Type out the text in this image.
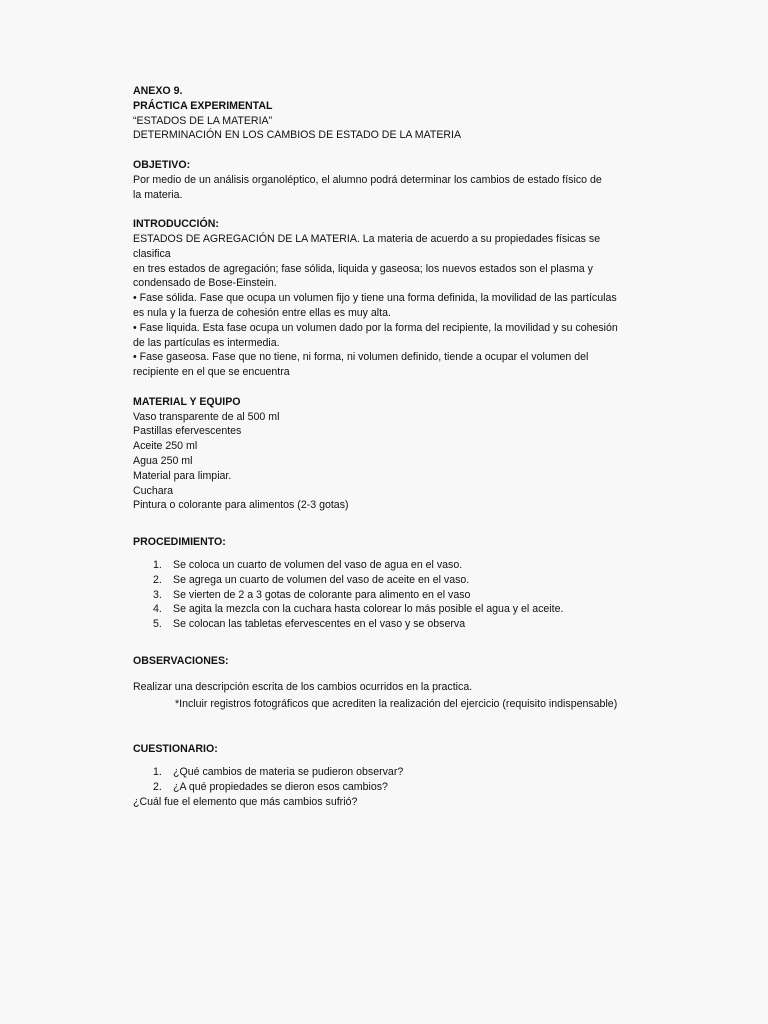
ANEXO 9.

PRÁCTICA EXPERIMENTAL

“ESTADOS DE LA MATERIA”

DETERMINACIÓN EN LOS CAMBIOS DE ESTADO DE LA MATERIA

OBJETIVO:

Por medio de un análisis organoléptico, el alumno podrá determinar los cambios de estado físico de

la materia.

INTRODUCCIÓN:

ESTADOS DE AGREGACIÓN DE LA MATERIA. La materia de acuerdo a su propiedades físicas se clasifica

en tres estados de agregación; fase sólida, liquida y gaseosa; los nuevos estados son el plasma y

condensado de Bose-Einstein.

• Fase sólida. Fase que ocupa un volumen fijo y tiene una forma definida, la movilidad de las partículas

es nula y la fuerza de cohesión entre ellas es muy alta.

• Fase liquida. Esta fase ocupa un volumen dado por la forma del recipiente, la movilidad y su cohesión

de las partículas es intermedia.

• Fase gaseosa. Fase que no tiene, ni forma, ni volumen definido, tiende a ocupar el volumen del

recipiente en el que se encuentra

MATERIAL Y EQUIPO

Vaso transparente de al 500 ml

Pastillas efervescentes

Aceite 250 ml

Agua 250 ml

Material para limpiar.

Cuchara

Pintura o colorante para alimentos (2-3 gotas)

PROCEDIMIENTO:

1. Se coloca un cuarto de volumen del vaso de agua en el vaso.
2. Se agrega un cuarto de volumen del vaso de aceite en el vaso.
3. Se vierten de 2 a 3 gotas de colorante para alimento en el vaso
4. Se agita la mezcla con la cuchara hasta colorear lo más posible el agua y el aceite.
5. Se colocan las tabletas efervescentes en el vaso y se observa

OBSERVACIONES:

Realizar una descripción escrita de los cambios ocurridos en la practica.

*Incluir registros fotográficos que acrediten la realización del ejercicio (requisito indispensable)

CUESTIONARIO:

1. ¿Qué cambios de materia se pudieron observar?
2. ¿A qué propiedades se dieron esos cambios?

¿Cuál fue el elemento que más cambios sufrió?
